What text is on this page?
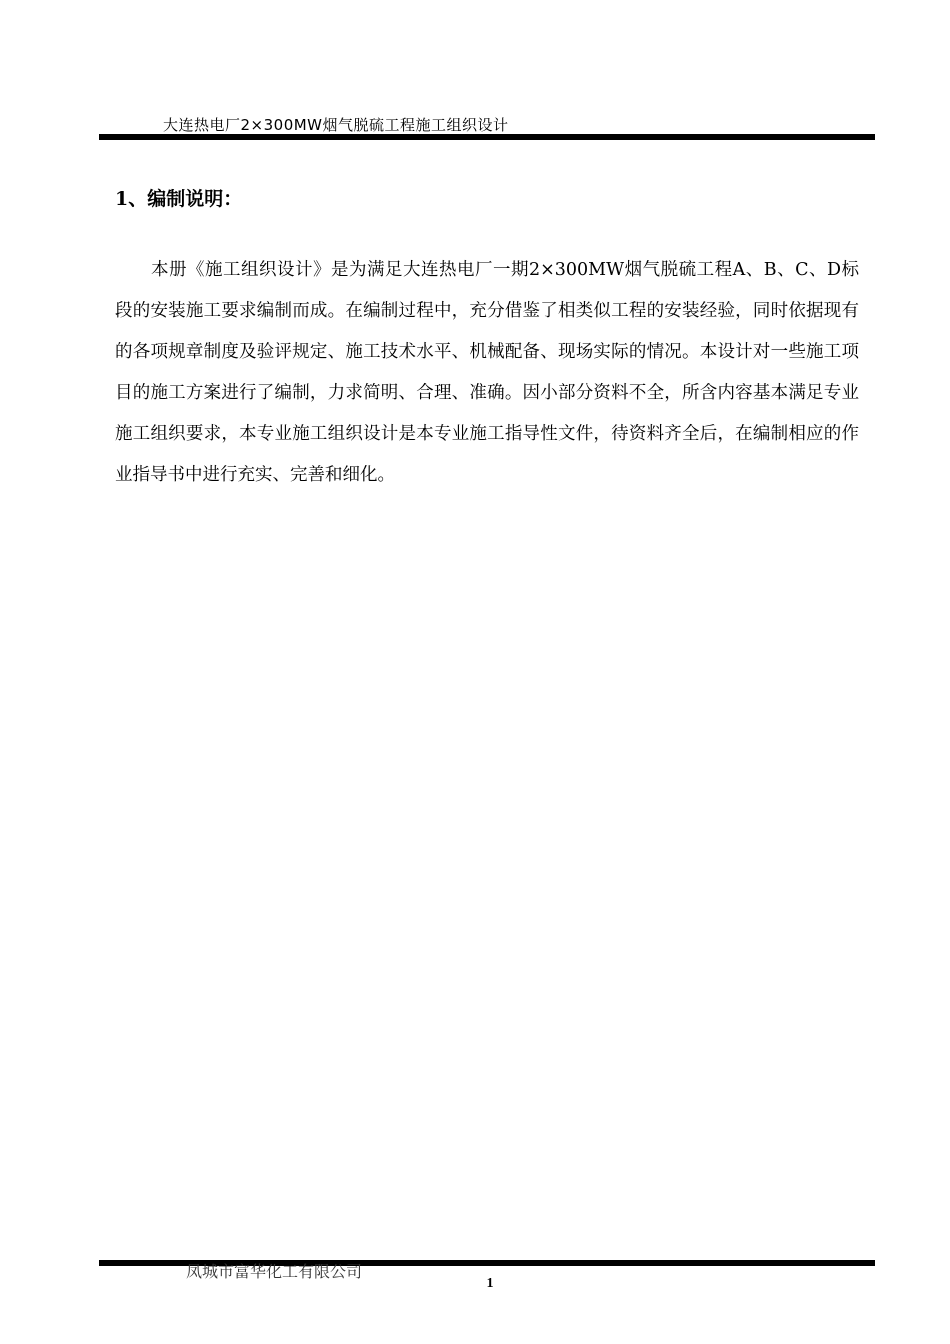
大连热电厂2×300MW烟气脱硫工程施工组织设计
1、编制说明：

本册《施工组织设计》是为满足大连热电厂一期2×300MW烟气脱硫工程A、B、C、D标段的安装施工要求编制而成。在编制过程中，充分借鉴了相类似工程的安装经验，同时依据现有的各项规章制度及验评规定、施工技术水平、机械配备、现场实际的情况。本设计对一些施工项目的施工方案进行了编制，力求简明、合理、准确。因小部分资料不全，所含内容基本满足专业施工组织要求，本专业施工组织设计是本专业施工指导性文件，待资料齐全后，在编制相应的作业指导书中进行充实、完善和细化。

凤城市富华化工有限公司
1
